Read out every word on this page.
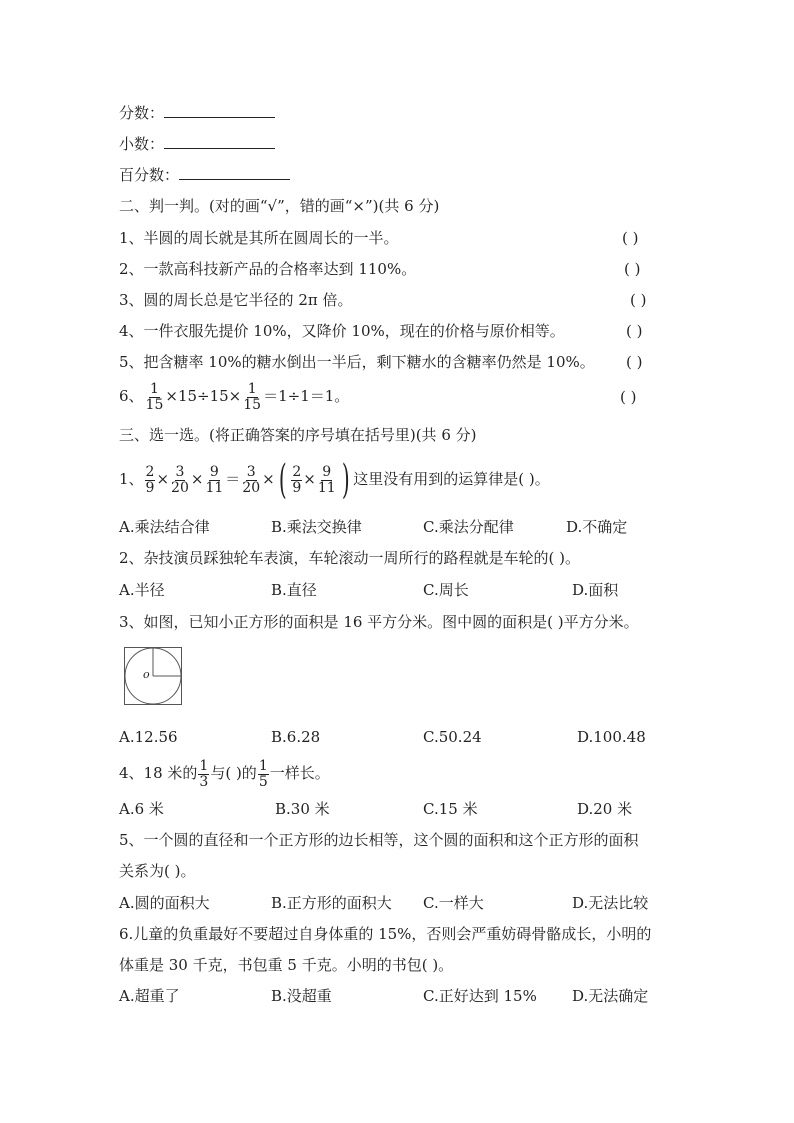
分数：
小数：
百分数：
二、判一判。(对的画“√”，错的画“×”)(共 6 分)
1、半圆的周长就是其所在圆周长的一半。	( )
2、一款高科技新产品的合格率达到 110%。	( )
3、圆的周长总是它半径的 2π 倍。	( )
4、一件衣服先提价 10%，又降价 10%，现在的价格与原价相等。	( )
5、把含糖率 10%的糖水倒出一半后，剩下糖水的含糖率仍然是 10%。 ( )
6、 $\frac{1}{15} \times 15\div 15\times \frac{1}{15} =1\div 1=1$。	( )
三、选一选。(将正确答案的序号填在括号里)(共 6 分)
1、 $\frac{2}{9} \times \frac{3}{20} \times \frac{9}{11} = \frac{3}{20}$ ×( $\frac{2}{9} \times \frac{9}{11}$ ) 这里没有用到的运算律是( )。
A.乘法结合律	B.乘法交换律	C.乘法分配律	D.不确定
2、杂技演员踩独轮车表演，车轮滚动一周所行的路程就是车轮的( )。
A.半径	B.直径	C.周长	D.面积
3、如图，已知小正方形的面积是 16 平方分米。图中圆的面积是( )平方分米。
o
A.12.56	B.6.28	C.50.24	D.100.48
4、18 米的 $\frac{1}{3}$ 与( )的 $\frac{1}{5}$ 一样长。
A.6 米	B.30 米	C.15 米	D.20 米
5、一个圆的直径和一个正方形的边长相等，这个圆的面积和这个正方形的面积
关系为( )。
A.圆的面积大	B.正方形的面积大 C.一样大	D.无法比较
6.儿童的负重最好不要超过自身体重的 15%，否则会严重妨碍骨骼成长，小明的
体重是 30 千克，书包重 5 千克。小明的书包( )。
A.超重了	B.没超重	C.正好达到 15% D.无法确定
